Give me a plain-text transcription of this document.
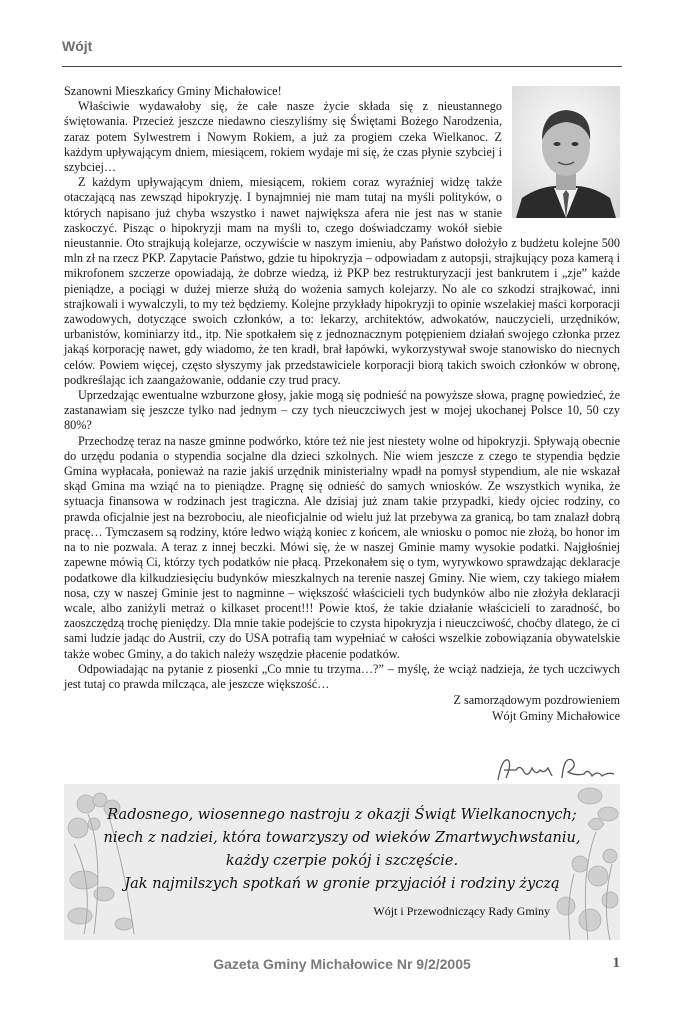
Wójt

Szanowni Mieszkańcy Gminy Michałowice!

Właściwie wydawałoby się, że całe nasze życie składa się z nieustannego świętowania. Przecież jeszcze niedawno cieszyliśmy się Świętami Bożego Narodzenia, zaraz potem Sylwestrem i Nowym Rokiem, a już za progiem czeka Wielkanoc. Z każdym upływającym dniem, miesiącem, rokiem wydaje mi się, że czas płynie szybciej i szybciej…

Z każdym upływającym dniem, miesiącem, rokiem coraz wyraźniej widzę także otaczającą nas zewsząd hipokryzję. I bynajmniej nie mam tutaj na myśli polityków, o których napisano już chyba wszystko i nawet największa afera nie jest nas w stanie zaskoczyć. Pisząc o hipokryzji mam na myśli to, czego doświadczamy wokół siebie nieustannie. Oto strajkują kolejarze, oczywiście w naszym imieniu, aby Państwo dołożyło z budżetu kolejne 500 mln zł na rzecz PKP. Zapytacie Państwo, gdzie tu hipokryzja – odpowiadam z autopsji, strajkujący poza kamerą i mikrofonem szczerze opowiadają, że dobrze wiedzą, iż PKP bez restrukturyzacji jest bankrutem i „zje” każde pieniądze, a pociągi w dużej mierze służą do wożenia samych kolejarzy. No ale co szkodzi strajkować, inni strajkowali i wywalczyli, to my też będziemy. Kolejne przykłady hipokryzji to opinie wszelakiej maści korporacji zawodowych, dotyczące swoich członków, a to: lekarzy, architektów, adwokatów, nauczycieli, urzędników, urbanistów, kominiarzy itd., itp. Nie spotkałem się z jednoznacznym potępieniem działań swojego członka przez jakąś korporację nawet, gdy wiadomo, że ten kradł, brał łapówki, wykorzystywał swoje stanowisko do niecnych celów. Powiem więcej, często słyszymy jak przedstawiciele korporacji biorą takich swoich członków w obronę, podkreślając ich zaangażowanie, oddanie czy trud pracy.

Uprzedzając ewentualne wzburzone głosy, jakie mogą się podnieść na powyższe słowa, pragnę powiedzieć, że zastanawiam się jeszcze tylko nad jednym – czy tych nieuczciwych jest w mojej ukochanej Polsce 10, 50 czy 80%?

Przechodzę teraz na nasze gminne podwórko, które też nie jest niestety wolne od hipokryzji. Spływają obecnie do urzędu podania o stypendia socjalne dla dzieci szkolnych. Nie wiem jeszcze z czego te stypendia będzie Gmina wypłacała, ponieważ na razie jakiś urzędnik ministerialny wpadł na pomysł stypendium, ale nie wskazał skąd Gmina ma wziąć na to pieniądze. Pragnę się odnieść do samych wniosków. Ze wszystkich wynika, że sytuacja finansowa w rodzinach jest tragiczna. Ale dzisiaj już znam takie przypadki, kiedy ojciec rodziny, co prawda oficjalnie jest na bezrobociu, ale nieoficjalnie od wielu już lat przebywa za granicą, bo tam znalazł dobrą pracę… Tymczasem są rodziny, które ledwo wiążą koniec z końcem, ale wniosku o pomoc nie złożą, bo honor im na to nie pozwala. A teraz z innej beczki. Mówi się, że w naszej Gminie mamy wysokie podatki. Najgłośniej zapewne mówią Ci, którzy tych podatków nie płacą. Przekonałem się o tym, wyrywkowo sprawdzając deklaracje podatkowe dla kilkudziesięciu budynków mieszkalnych na terenie naszej Gminy. Nie wiem, czy takiego miałem nosa, czy w naszej Gminie jest to nagminne – większość właścicieli tych budynków albo nie złożyła deklaracji wcale, albo zaniżyli metraż o kilkaset procent!!! Powie ktoś, że takie działanie właścicieli to zaradność, bo zaoszczędzą trochę pieniędzy. Dla mnie takie podejście to czysta hipokryzja i nieuczciwość, choćby dlatego, że ci sami ludzie jadąc do Austrii, czy do USA potrafią tam wypełniać w całości wszelkie zobowiązania obywatelskie także wobec Gminy, a do takich należy wszędzie płacenie podatków.

Odpowiadając na pytanie z piosenki „Co mnie tu trzyma…?” – myślę, że wciąż nadzieja, że tych uczciwych jest tutaj co prawda milcząca, ale jeszcze większość…

Z samorządowym pozdrowieniem
Wójt Gminy Michałowice
Radosnego, wiosennego nastroju z okazji Świąt Wielkanocnych;
niech z nadziei, która towarzyszy od wieków Zmartwychwstaniu,
każdy czerpie pokój i szczęście.
Jak najmilszych spotkań w gronie przyjaciół i rodziny życzą
Wójt i Przewodniczący Rady Gminy
Gazeta Gminy Michałowice Nr 9/2/2005	1
